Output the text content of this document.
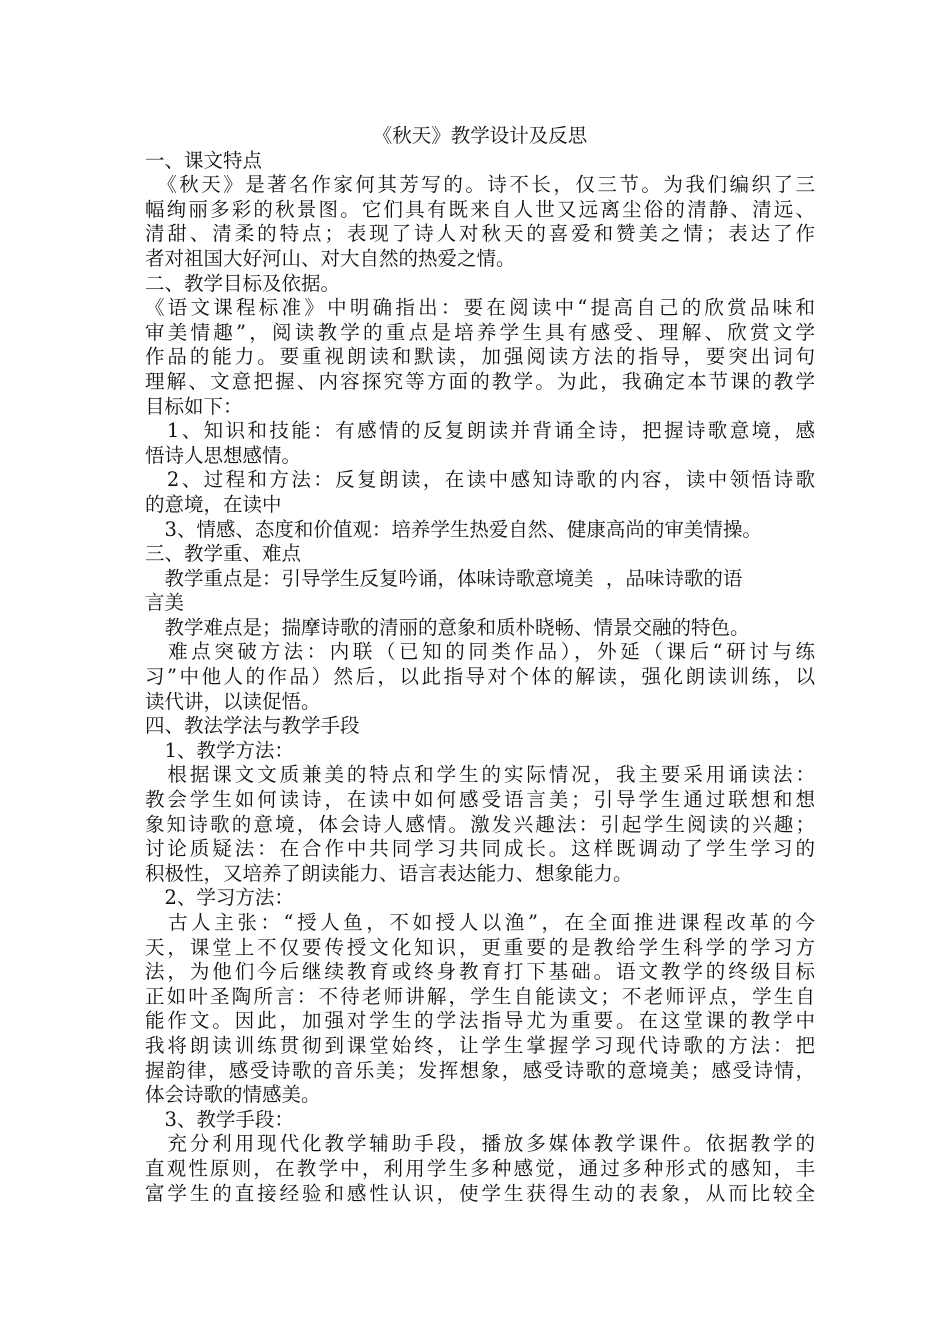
《秋天》教学设计及反思
一、课文特点
　《秋天》是著名作家何其芳写的。诗不长，仅三节。为我们编织了三
幅绚丽多彩的秋景图。它们具有既来自人世又远离尘俗的清静、清远、
清甜、清柔的特点；表现了诗人对秋天的喜爱和赞美之情；表达了作
者对祖国大好河山、对大自然的热爱之情。
二、教学目标及依据。
《语文课程标准》中明确指出：要在阅读中“提高自己的欣赏品味和
审美情趣”，阅读教学的重点是培养学生具有感受、理解、欣赏文学
作品的能力。要重视朗读和默读，加强阅读方法的指导，要突出词句
理解、文意把握、内容探究等方面的教学。为此，我确定本节课的教学
目标如下：
　1、知识和技能：有感情的反复朗读并背诵全诗，把握诗歌意境，感
悟诗人思想感情。
　2、过程和方法：反复朗读，在读中感知诗歌的内容，读中领悟诗歌
的意境，在读中
　3、情感、态度和价值观：培养学生热爱自然、健康高尚的审美情操。
三、教学重、难点
　教学重点是：引导学生反复吟诵，体味诗歌意境美  ，品味诗歌的语
言美
　教学难点是；揣摩诗歌的清丽的意象和质朴晓畅、情景交融的特色。
　难点突破方法：内联（已知的同类作品），外延（课后“研讨与练
习”中他人的作品）然后，以此指导对个体的解读，强化朗读训练，以
读代讲，以读促悟。
四、教法学法与教学手段
　1、教学方法：
　根据课文文质兼美的特点和学生的实际情况，我主要采用诵读法：
教会学生如何读诗，在读中如何感受语言美；引导学生通过联想和想
象知诗歌的意境，体会诗人感情。激发兴趣法：引起学生阅读的兴趣；
讨论质疑法：在合作中共同学习共同成长。这样既调动了学生学习的
积极性，又培养了朗读能力、语言表达能力、想象能力。
　2、学习方法：
　古人主张：“授人鱼，不如授人以渔”，在全面推进课程改革的今
天，课堂上不仅要传授文化知识，更重要的是教给学生科学的学习方
法，为他们今后继续教育或终身教育打下基础。语文教学的终级目标
正如叶圣陶所言：不待老师讲解，学生自能读文；不老师评点，学生自
能作文。因此，加强对学生的学法指导尤为重要。在这堂课的教学中
我将朗读训练贯彻到课堂始终，让学生掌握学习现代诗歌的方法：把
握韵律，感受诗歌的音乐美；发挥想象，感受诗歌的意境美；感受诗情，
体会诗歌的情感美。
　3、教学手段：
　充分利用现代化教学辅助手段，播放多媒体教学课件。依据教学的
直观性原则，在教学中，利用学生多种感觉，通过多种形式的感知，丰
富学生的直接经验和感性认识，使学生获得生动的表象，从而比较全
